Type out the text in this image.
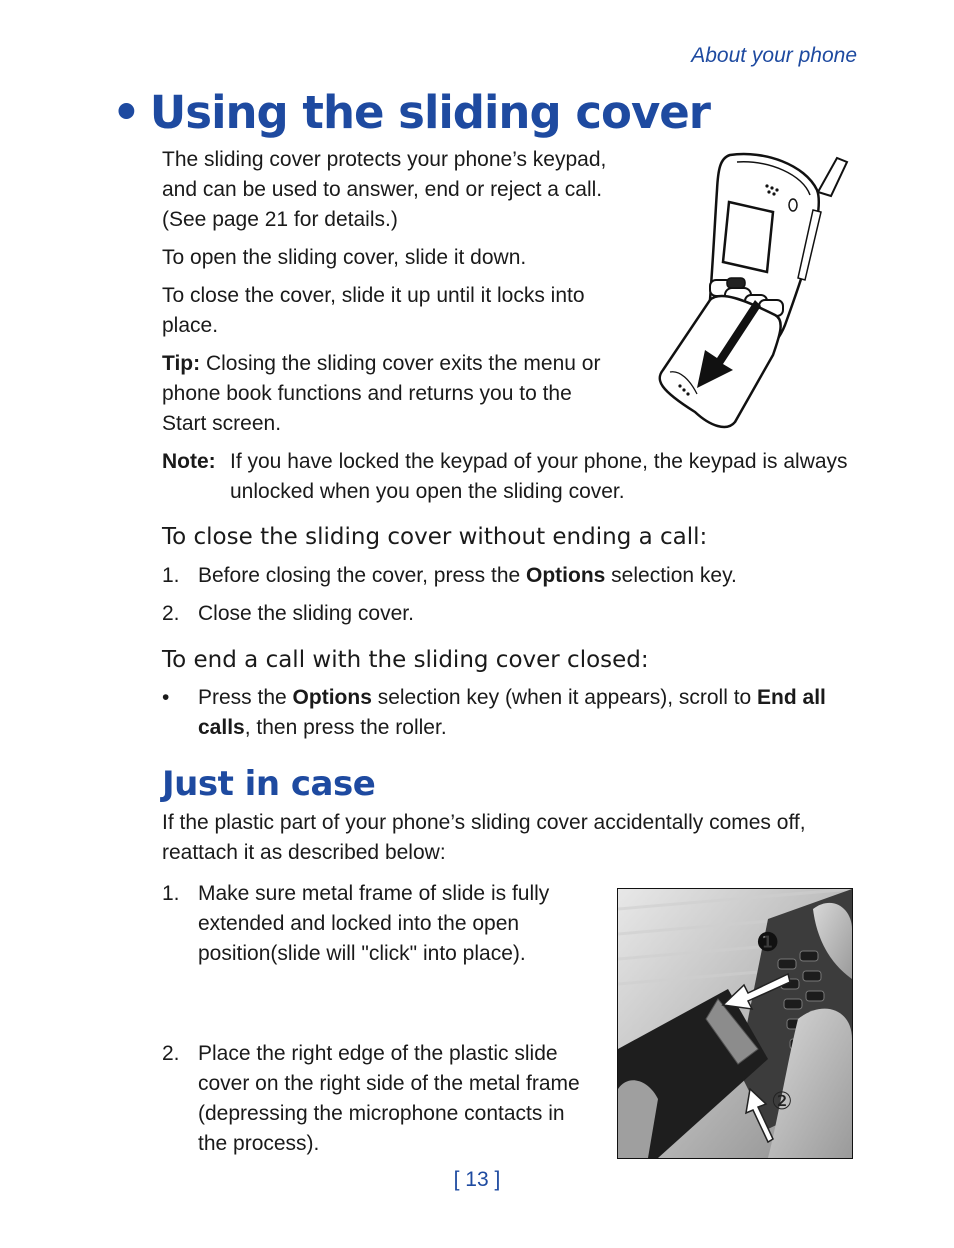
About your phone
• Using the sliding cover
The sliding cover protects your phone’s keypad,
and can be used to answer, end or reject a call.
(See page 21 for details.)
To open the sliding cover, slide it down.
To close the cover, slide it up until it locks into
place.
Tip: Closing the sliding cover exits the menu or
phone book functions and returns you to the
Start screen.
Note: If you have locked the keypad of your phone, the keypad is always
unlocked when you open the sliding cover.
To close the sliding cover without ending a call:
1. Before closing the cover, press the Options selection key.
2. Close the sliding cover.
To end a call with the sliding cover closed:
•	Press the Options selection key (when it appears), scroll to End all
calls, then press the roller.
Just in case
If the plastic part of your phone’s sliding cover accidentally comes off,
reattach it as described below:
1. Make sure metal frame of slide is fully
extended and locked into the open
position(slide will "click" into place).
2. Place the right edge of the plastic slide
cover on the right side of the metal frame
(depressing the microphone contacts in
the process).
❶
②
[ 13 ]
